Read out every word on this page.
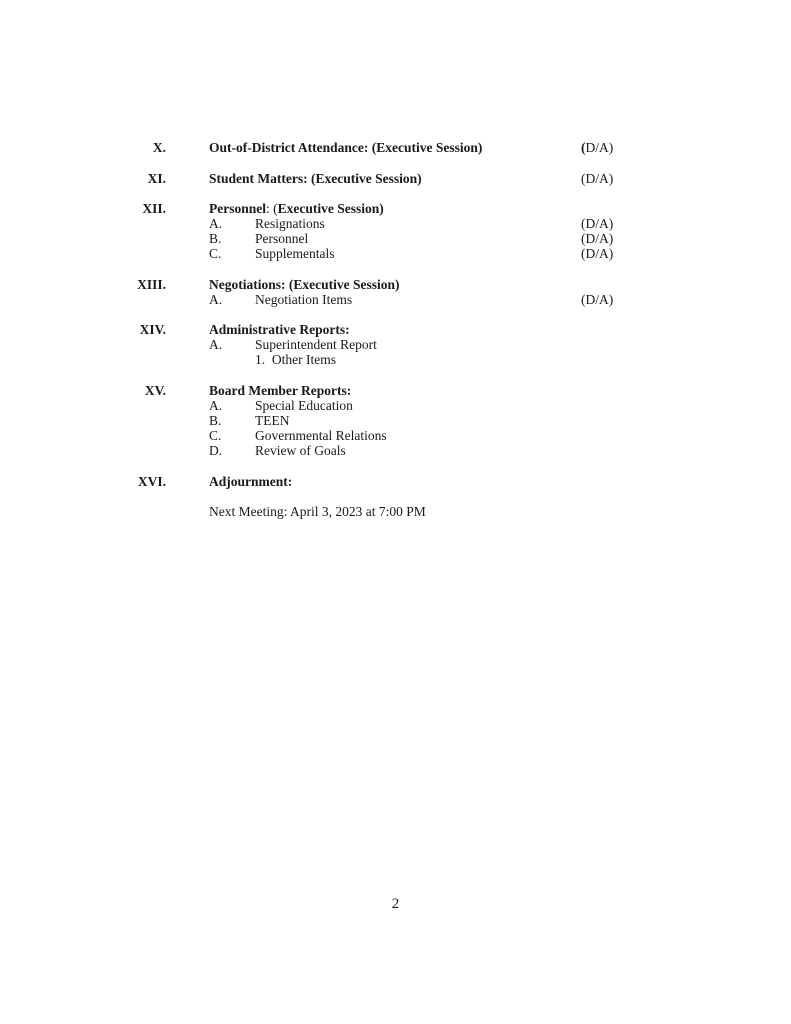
X.	Out-of-District Attendance: (Executive Session)	(D/A)
XI.	Student Matters: (Executive Session)	(D/A)
XII.	Personnel: (Executive Session)
A. Resignations	(D/A)
B. Personnel	(D/A)
C. Supplementals	(D/A)
XIII.	Negotiations: (Executive Session)
A. Negotiation Items	(D/A)
XIV.	Administrative Reports:
A. Superintendent Report
1.  Other Items
XV.	Board Member Reports:
A. Special Education
B. TEEN
C. Governmental Relations
D. Review of Goals
XVI.	Adjournment:
Next Meeting: April 3, 2023 at 7:00 PM
2
